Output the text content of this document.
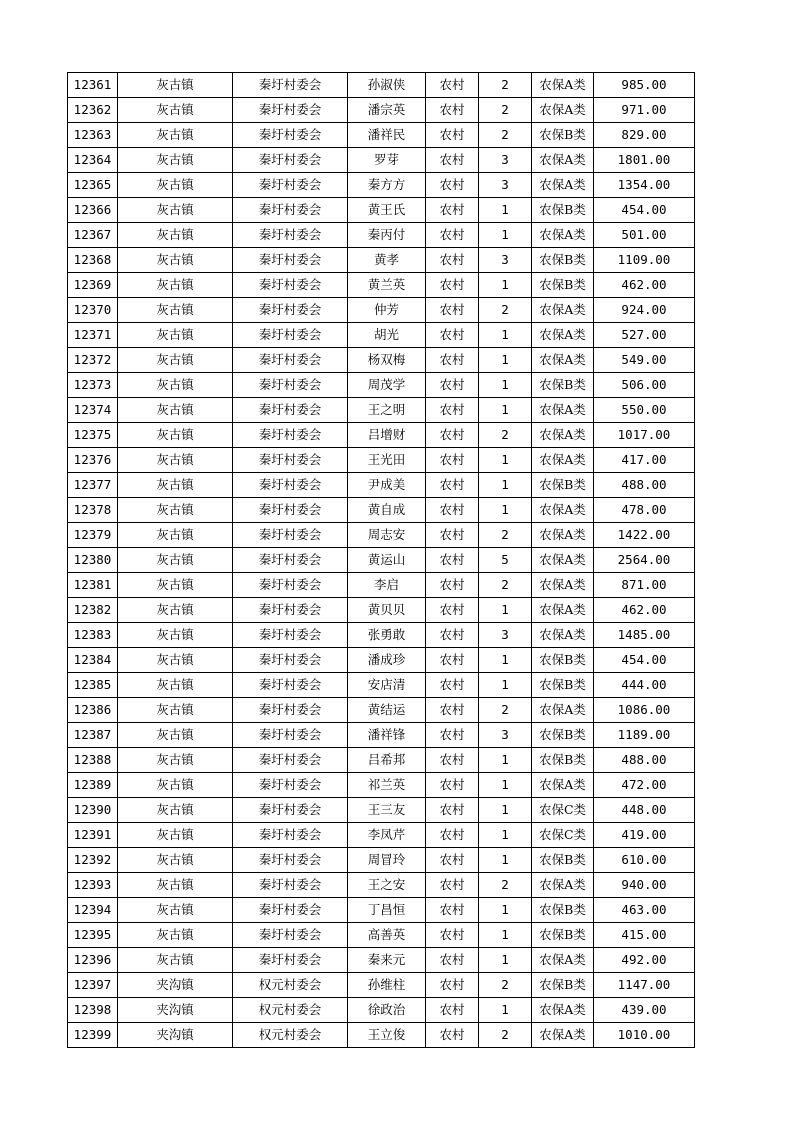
12361	灰古镇	秦圩村委会	孙淑侠	农村	2	农保A类	985.00
12362	灰古镇	秦圩村委会	潘宗英	农村	2	农保A类	971.00
12363	灰古镇	秦圩村委会	潘祥民	农村	2	农保B类	829.00
12364	灰古镇	秦圩村委会	罗芽	农村	3	农保A类	1801.00
12365	灰古镇	秦圩村委会	秦方方	农村	3	农保A类	1354.00
12366	灰古镇	秦圩村委会	黄王氏	农村	1	农保B类	454.00
12367	灰古镇	秦圩村委会	秦丙付	农村	1	农保A类	501.00
12368	灰古镇	秦圩村委会	黄孝	农村	3	农保B类	1109.00
12369	灰古镇	秦圩村委会	黄兰英	农村	1	农保B类	462.00
12370	灰古镇	秦圩村委会	仲芳	农村	2	农保A类	924.00
12371	灰古镇	秦圩村委会	胡光	农村	1	农保A类	527.00
12372	灰古镇	秦圩村委会	杨双梅	农村	1	农保A类	549.00
12373	灰古镇	秦圩村委会	周茂学	农村	1	农保B类	506.00
12374	灰古镇	秦圩村委会	王之明	农村	1	农保A类	550.00
12375	灰古镇	秦圩村委会	吕增财	农村	2	农保A类	1017.00
12376	灰古镇	秦圩村委会	王光田	农村	1	农保A类	417.00
12377	灰古镇	秦圩村委会	尹成美	农村	1	农保B类	488.00
12378	灰古镇	秦圩村委会	黄自成	农村	1	农保A类	478.00
12379	灰古镇	秦圩村委会	周志安	农村	2	农保A类	1422.00
12380	灰古镇	秦圩村委会	黄运山	农村	5	农保A类	2564.00
12381	灰古镇	秦圩村委会	李启	农村	2	农保A类	871.00
12382	灰古镇	秦圩村委会	黄贝贝	农村	1	农保A类	462.00
12383	灰古镇	秦圩村委会	张勇敢	农村	3	农保A类	1485.00
12384	灰古镇	秦圩村委会	潘成珍	农村	1	农保B类	454.00
12385	灰古镇	秦圩村委会	安店清	农村	1	农保B类	444.00
12386	灰古镇	秦圩村委会	黄结运	农村	2	农保A类	1086.00
12387	灰古镇	秦圩村委会	潘祥锋	农村	3	农保B类	1189.00
12388	灰古镇	秦圩村委会	吕希邦	农村	1	农保B类	488.00
12389	灰古镇	秦圩村委会	祁兰英	农村	1	农保A类	472.00
12390	灰古镇	秦圩村委会	王三友	农村	1	农保C类	448.00
12391	灰古镇	秦圩村委会	李凤芹	农村	1	农保C类	419.00
12392	灰古镇	秦圩村委会	周冒玲	农村	1	农保B类	610.00
12393	灰古镇	秦圩村委会	王之安	农村	2	农保A类	940.00
12394	灰古镇	秦圩村委会	丁昌恒	农村	1	农保B类	463.00
12395	灰古镇	秦圩村委会	高善英	农村	1	农保B类	415.00
12396	灰古镇	秦圩村委会	秦来元	农村	1	农保A类	492.00
12397	夹沟镇	权元村委会	孙维柱	农村	2	农保B类	1147.00
12398	夹沟镇	权元村委会	徐政治	农村	1	农保A类	439.00
12399	夹沟镇	权元村委会	王立俊	农村	2	农保A类	1010.00
